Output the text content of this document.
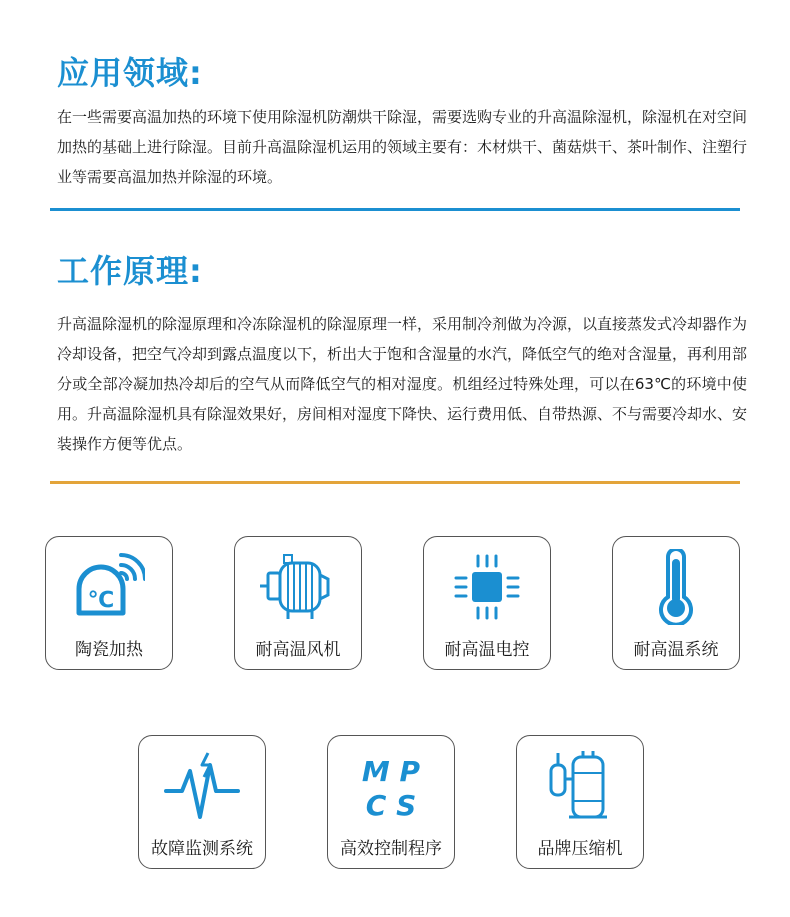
应用领域:

在一些需要高温加热的环境下使用除湿机防潮烘干除湿，需要选购专业的升高温除湿机，除湿机在对空间加热的基础上进行除湿。目前升高温除湿机运用的领域主要有：木材烘干、菌菇烘干、茶叶制作、注塑行业等需要高温加热并除湿的环境。

工作原理:

升高温除湿机的除湿原理和冷冻除湿机的除湿原理一样，采用制冷剂做为冷源，以直接蒸发式冷却器作为冷却设备，把空气冷却到露点温度以下，析出大于饱和含湿量的水汽，降低空气的绝对含湿量，再利用部分或全部冷凝加热冷却后的空气从而降低空气的相对湿度。机组经过特殊处理，可以在63℃的环境中使用。升高温除湿机具有除湿效果好，房间相对湿度下降快、运行费用低、自带热源、不与需要冷却水、安装操作方便等优点。

℃
陶瓷加热	耐高温风机	耐高温电控	耐高温系统
故障监测系统
M P
C S
高效控制程序	品牌压缩机
